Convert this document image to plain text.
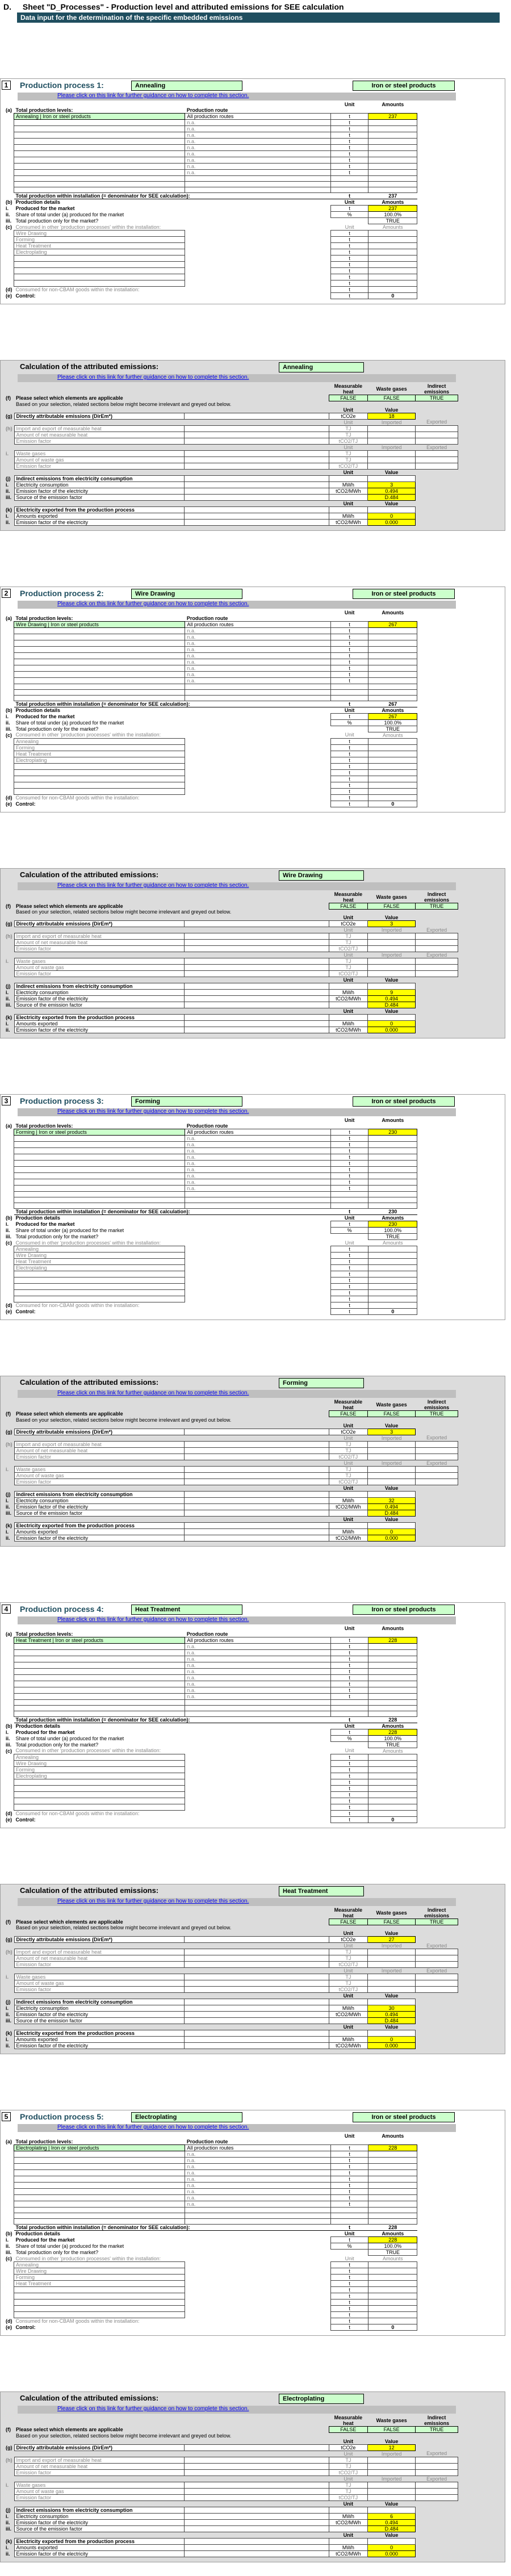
D. Sheet "D_Processes" - Production level and attributed emissions for SEE calculation
Data input for the determination of the specific embedded emissions
1	Production process 1:	Annealing	Iron or steel products
Please click on this link for further guidance on how to complete this section.
			Unit	Amounts	
(a)	Total production levels:	Production route			
	Annealing | Iron or steel products	All production routes	t	237	
		n.a.	t		
		n.a.	t		
		n.a.	t		
		n.a.	t		
		n.a.	t		
		n.a.	t		
		n.a.	t		
		n.a.	t		
		n.a.	t		

	Total production within installation (= denominator for SEE calculation):		t	237	
(b)	Production details		Unit	Amounts	
i.	Produced for the market		t	237	
ii.	Share of total under (a) produced for the market		%	100.0%	
iii.	Total production only for the market?			TRUE	
(c)	Consumed in other 'production processes' within the installation:		Unit	Amounts	
	Wire Drawing		t		
	Forming		t		
	Heat Treatment		t		
	Electroplating		t		
			t		
			t		
			t		
			t		
			t		
(d)	Consumed for non-CBAM goods within the installation:		t		
(e)	Control:		t	0	
Calculation of the attributed emissions:	Annealing
Please click on this link for further guidance on how to complete this section.
			Measurable heat	Waste gases	Indirect emissions
(f)	Please select which elements are applicable		FALSE	FALSE	TRUE
	Based on your selection, related sections below might become irrelevant and greyed out below.				
			Unit	Value	
(g)	Directly attributable emissions (DirEm*)		tCO2e	18	
			Unit	Imported	Exported
(h)	Import and export of measurable heat		TJ		
	Amount of net measurable heat		TJ		
	Emission factor		tCO2/TJ		
			Unit	Imported	Exported
i.	Waste gases		TJ		
	Amount of waste gas		TJ		
	Emission factor		tCO2/TJ		
			Unit	Value	
(j)	Indirect emissions from electricity consumption				
i.	Electricity consumption		MWh	3	
ii.	Emission factor of the electricity		tCO2/MWh	0.494	
iii.	Source of the emission factor			D.484	
			Unit	Value	
(k)	Electricity exported from the production process				
i.	Amounts exported		MWh	0	
ii.	Emission factor of the electricity		tCO2/MWh	0.000	
2	Production process 2:	Wire Drawing	Iron or steel products
Please click on this link for further guidance on how to complete this section.
			Unit	Amounts	
(a)	Total production levels:	Production route			
	Wire Drawing | Iron or steel products	All production routes	t	267	
		n.a.	t		
		n.a.	t		
		n.a.	t		
		n.a.	t		
		n.a.	t		
		n.a.	t		
		n.a.	t		
		n.a.	t		
		n.a.	t		

	Total production within installation (= denominator for SEE calculation):		t	267	
(b)	Production details		Unit	Amounts	
i.	Produced for the market		t	267	
ii.	Share of total under (a) produced for the market		%	100.0%	
iii.	Total production only for the market?			TRUE	
(c)	Consumed in other 'production processes' within the installation:		Unit	Amounts	
	Annealing		t		
	Forming		t		
	Heat Treatment		t		
	Electroplating		t		
			t		
			t		
			t		
			t		
			t		
(d)	Consumed for non-CBAM goods within the installation:		t		
(e)	Control:		t	0	
Calculation of the attributed emissions:	Wire Drawing
Please click on this link for further guidance on how to complete this section.
			Measurable heat	Waste gases	Indirect emissions
(f)	Please select which elements are applicable		FALSE	FALSE	TRUE
	Based on your selection, related sections below might become irrelevant and greyed out below.				
			Unit	Value	
(g)	Directly attributable emissions (DirEm*)		tCO2e	3	
			Unit	Imported	Exported
(h)	Import and export of measurable heat		TJ		
	Amount of net measurable heat		TJ		
	Emission factor		tCO2/TJ		
			Unit	Imported	Exported
i.	Waste gases		TJ		
	Amount of waste gas		TJ		
	Emission factor		tCO2/TJ		
			Unit	Value	
(j)	Indirect emissions from electricity consumption				
i.	Electricity consumption		MWh	9	
ii.	Emission factor of the electricity		tCO2/MWh	0.494	
iii.	Source of the emission factor			D.484	
			Unit	Value	
(k)	Electricity exported from the production process				
i.	Amounts exported		MWh	0	
ii.	Emission factor of the electricity		tCO2/MWh	0.000	
3	Production process 3:	Forming	Iron or steel products
Please click on this link for further guidance on how to complete this section.
			Unit	Amounts	
(a)	Total production levels:	Production route			
	Forming | Iron or steel products	All production routes	t	230	
		n.a.	t		
		n.a.	t		
		n.a.	t		
		n.a.	t		
		n.a.	t		
		n.a.	t		
		n.a.	t		
		n.a.	t		
		n.a.	t		

	Total production within installation (= denominator for SEE calculation):		t	230	
(b)	Production details		Unit	Amounts	
i.	Produced for the market		t	230	
ii.	Share of total under (a) produced for the market		%	100.0%	
iii.	Total production only for the market?			TRUE	
(c)	Consumed in other 'production processes' within the installation:		Unit	Amounts	
	Annealing		t		
	Wire Drawing		t		
	Heat Treatment		t		
	Electroplating		t		
			t		
			t		
			t		
			t		
			t		
(d)	Consumed for non-CBAM goods within the installation:		t		
(e)	Control:		t	0	
Calculation of the attributed emissions:	Forming
Please click on this link for further guidance on how to complete this section.
			Measurable heat	Waste gases	Indirect emissions
(f)	Please select which elements are applicable		FALSE	FALSE	TRUE
	Based on your selection, related sections below might become irrelevant and greyed out below.				
			Unit	Value	
(g)	Directly attributable emissions (DirEm*)		tCO2e	3	
			Unit	Imported	Exported
(h)	Import and export of measurable heat		TJ		
	Amount of net measurable heat		TJ		
	Emission factor		tCO2/TJ		
			Unit	Imported	Exported
i.	Waste gases		TJ		
	Amount of waste gas		TJ		
	Emission factor		tCO2/TJ		
			Unit	Value	
(j)	Indirect emissions from electricity consumption				
i.	Electricity consumption		MWh	32	
ii.	Emission factor of the electricity		tCO2/MWh	0.494	
iii.	Source of the emission factor			D.484	
			Unit	Value	
(k)	Electricity exported from the production process				
i.	Amounts exported		MWh	0	
ii.	Emission factor of the electricity		tCO2/MWh	0.000	
4	Production process 4:	Heat Treatment	Iron or steel products
Please click on this link for further guidance on how to complete this section.
			Unit	Amounts	
(a)	Total production levels:	Production route			
	Heat Treatment | Iron or steel products	All production routes	t	228	
		n.a.	t		
		n.a.	t		
		n.a.	t		
		n.a.	t		
		n.a.	t		
		n.a.	t		
		n.a.	t		
		n.a.	t		
		n.a.	t		

	Total production within installation (= denominator for SEE calculation):		t	228	
(b)	Production details		Unit	Amounts	
i.	Produced for the market		t	228	
ii.	Share of total under (a) produced for the market		%	100.0%	
iii.	Total production only for the market?			TRUE	
(c)	Consumed in other 'production processes' within the installation:		Unit	Amounts	
	Annealing		t		
	Wire Drawing		t		
	Forming		t		
	Electroplating		t		
			t		
			t		
			t		
			t		
			t		
(d)	Consumed for non-CBAM goods within the installation:		t		
(e)	Control:		t	0	
Calculation of the attributed emissions:	Heat Treatment
Please click on this link for further guidance on how to complete this section.
			Measurable heat	Waste gases	Indirect emissions
(f)	Please select which elements are applicable		FALSE	FALSE	TRUE
	Based on your selection, related sections below might become irrelevant and greyed out below.				
			Unit	Value	
(g)	Directly attributable emissions (DirEm*)		tCO2e	27	
			Unit	Imported	Exported
(h)	Import and export of measurable heat		TJ		
	Amount of net measurable heat		TJ		
	Emission factor		tCO2/TJ		
			Unit	Imported	Exported
i.	Waste gases		TJ		
	Amount of waste gas		TJ		
	Emission factor		tCO2/TJ		
			Unit	Value	
(j)	Indirect emissions from electricity consumption				
i.	Electricity consumption		MWh	30	
ii.	Emission factor of the electricity		tCO2/MWh	0.494	
iii.	Source of the emission factor			D.484	
			Unit	Value	
(k)	Electricity exported from the production process				
i.	Amounts exported		MWh	0	
ii.	Emission factor of the electricity		tCO2/MWh	0.000	
5	Production process 5:	Electroplating	Iron or steel products
Please click on this link for further guidance on how to complete this section.
			Unit	Amounts	
(a)	Total production levels:	Production route			
	Electroplating | Iron or steel products	All production routes	t	228	
		n.a.	t		
		n.a.	t		
		n.a.	t		
		n.a.	t		
		n.a.	t		
		n.a.	t		
		n.a.	t		
		n.a.	t		
		n.a.	t		

	Total production within installation (= denominator for SEE calculation):		t	228	
(b)	Production details		Unit	Amounts	
i.	Produced for the market		t	228	
ii.	Share of total under (a) produced for the market		%	100.0%	
iii.	Total production only for the market?			TRUE	
(c)	Consumed in other 'production processes' within the installation:		Unit	Amounts	
	Annealing		t		
	Wire Drawing		t		
	Forming		t		
	Heat Treatment		t		
			t		
			t		
			t		
			t		
			t		
(d)	Consumed for non-CBAM goods within the installation:		t		
(e)	Control:		t	0	
Calculation of the attributed emissions:	Electroplating
Please click on this link for further guidance on how to complete this section.
			Measurable heat	Waste gases	Indirect emissions
(f)	Please select which elements are applicable		FALSE	FALSE	TRUE
	Based on your selection, related sections below might become irrelevant and greyed out below.				
			Unit	Value	
(g)	Directly attributable emissions (DirEm*)		tCO2e	12	
			Unit	Imported	Exported
(h)	Import and export of measurable heat		TJ		
	Amount of net measurable heat		TJ		
	Emission factor		tCO2/TJ		
			Unit	Imported	Exported
i.	Waste gases		TJ		
	Amount of waste gas		TJ		
	Emission factor		tCO2/TJ		
			Unit	Value	
(j)	Indirect emissions from electricity consumption				
i.	Electricity consumption		MWh	6	
ii.	Emission factor of the electricity		tCO2/MWh	0.494	
iii.	Source of the emission factor			D.484	
			Unit	Value	
(k)	Electricity exported from the production process				
i.	Amounts exported		MWh	0	
ii.	Emission factor of the electricity		tCO2/MWh	0.000	
